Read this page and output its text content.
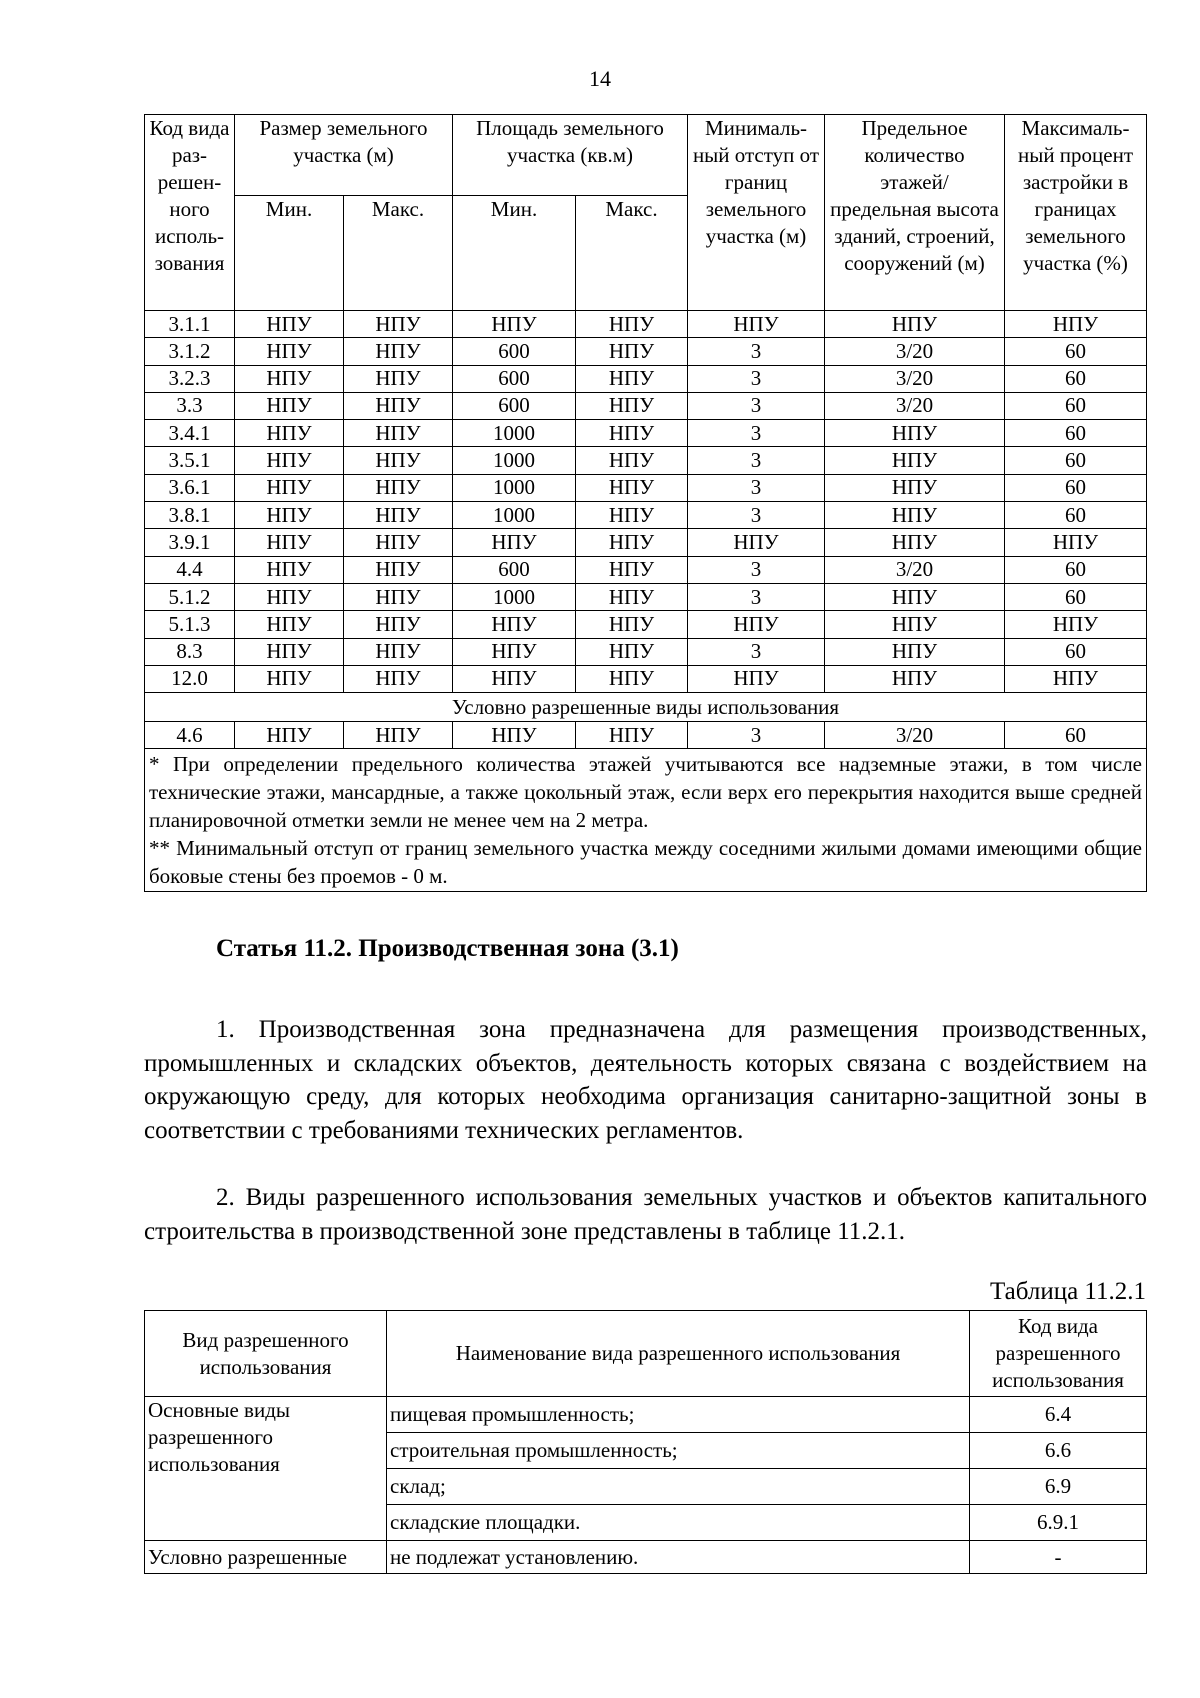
14
Код вида раз-решен-ного исполь-зования	Размер земельного участка (м)		Площадь земельного участка (кв.м)		Минималь-ный отступ от границ земельного участка (м)	Предельное количество этажей/ предельная высота зданий, строений, сооружений (м)	Максималь-ный процент застройки в границах земельного участка (%)
	Мин.	Макс.	Мин.	Макс.			
3.1.1	НПУ	НПУ	НПУ	НПУ	НПУ	НПУ	НПУ
3.1.2	НПУ	НПУ	600	НПУ	3	3/20	60
3.2.3	НПУ	НПУ	600	НПУ	3	3/20	60
3.3	НПУ	НПУ	600	НПУ	3	3/20	60
3.4.1	НПУ	НПУ	1000	НПУ	3	НПУ	60
3.5.1	НПУ	НПУ	1000	НПУ	3	НПУ	60
3.6.1	НПУ	НПУ	1000	НПУ	3	НПУ	60
3.8.1	НПУ	НПУ	1000	НПУ	3	НПУ	60
3.9.1	НПУ	НПУ	НПУ	НПУ	НПУ	НПУ	НПУ
4.4	НПУ	НПУ	600	НПУ	3	3/20	60
5.1.2	НПУ	НПУ	1000	НПУ	3	НПУ	60
5.1.3	НПУ	НПУ	НПУ	НПУ	НПУ	НПУ	НПУ
8.3	НПУ	НПУ	НПУ	НПУ	3	НПУ	60
12.0	НПУ	НПУ	НПУ	НПУ	НПУ	НПУ	НПУ
Условно разрешенные виды использования							
4.6	НПУ	НПУ	НПУ	НПУ	3	3/20	60

* При определении предельного количества этажей учитываются все надземные этажи, в том числе технические этажи, мансардные, а также цокольный этаж, если верх его перекрытия находится выше средней планировочной отметки земли не менее чем на 2 метра.

** Минимальный отступ от границ земельного участка между соседними жилыми домами имеющими общие боковые стены без проемов - 0 м.							

Статья 11.2. Производственная зона (3.1)

1. Производственная зона предназначена для размещения производственных, промышленных и складских объектов, деятельность которых связана с воздействием на окружающую среду, для которых необходима организация санитарно-защитной зоны в соответствии с требованиями технических регламентов.

2. Виды разрешенного использования земельных участков и объектов капитального строительства в производственной зоне представлены в таблице 11.2.1.

Таблица 11.2.1
Вид разрешенного использования	Наименование вида разрешенного использования	Код вида разрешенного использования
Основные виды разрешенного использования	пищевая промышленность;	6.4
	строительная промышленность;	6.6
	склад;	6.9
	складские площадки.	6.9.1
Условно разрешенные	не подлежат установлению.	-
